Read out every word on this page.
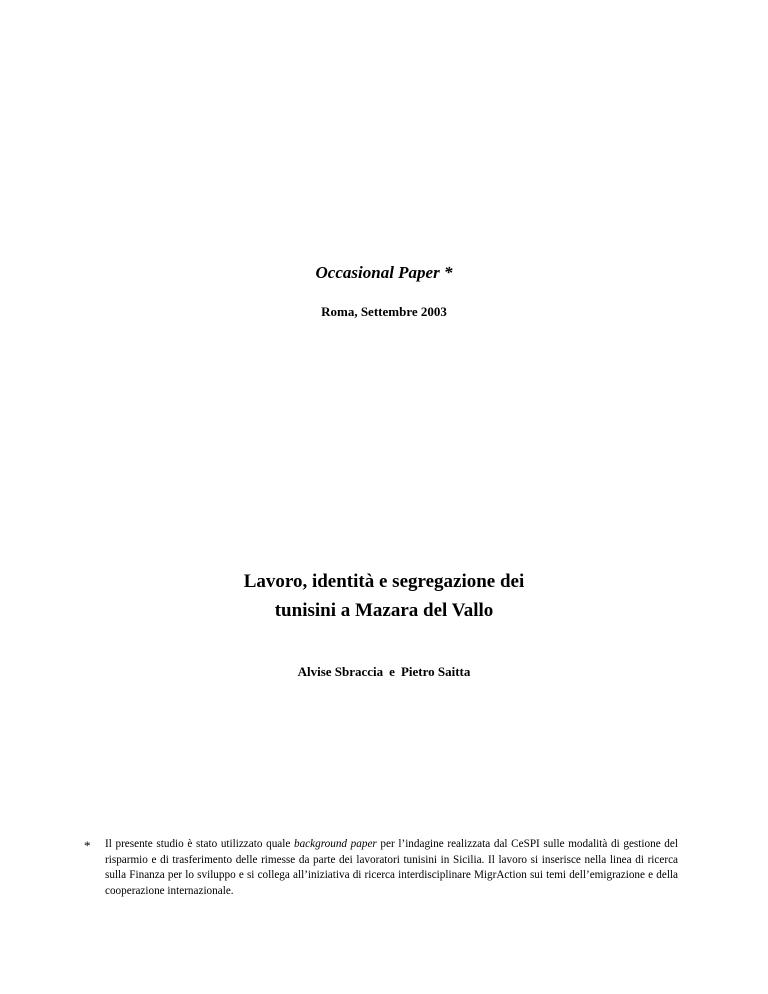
Occasional Paper *
Roma, Settembre 2003
Lavoro, identità e segregazione dei
tunisini a Mazara del Vallo
Alvise Sbraccia e Pietro Saitta
* Il presente studio è stato utilizzato quale background paper per l’indagine realizzata dal CeSPI sulle modalità di gestione del risparmio e di trasferimento delle rimesse da parte dei lavoratori tunisini in Sicilia. Il lavoro si inserisce nella linea di ricerca sulla Finanza per lo sviluppo e si collega all’iniziativa di ricerca interdisciplinare MigrAction sui temi dell’emigrazione e della cooperazione internazionale.
